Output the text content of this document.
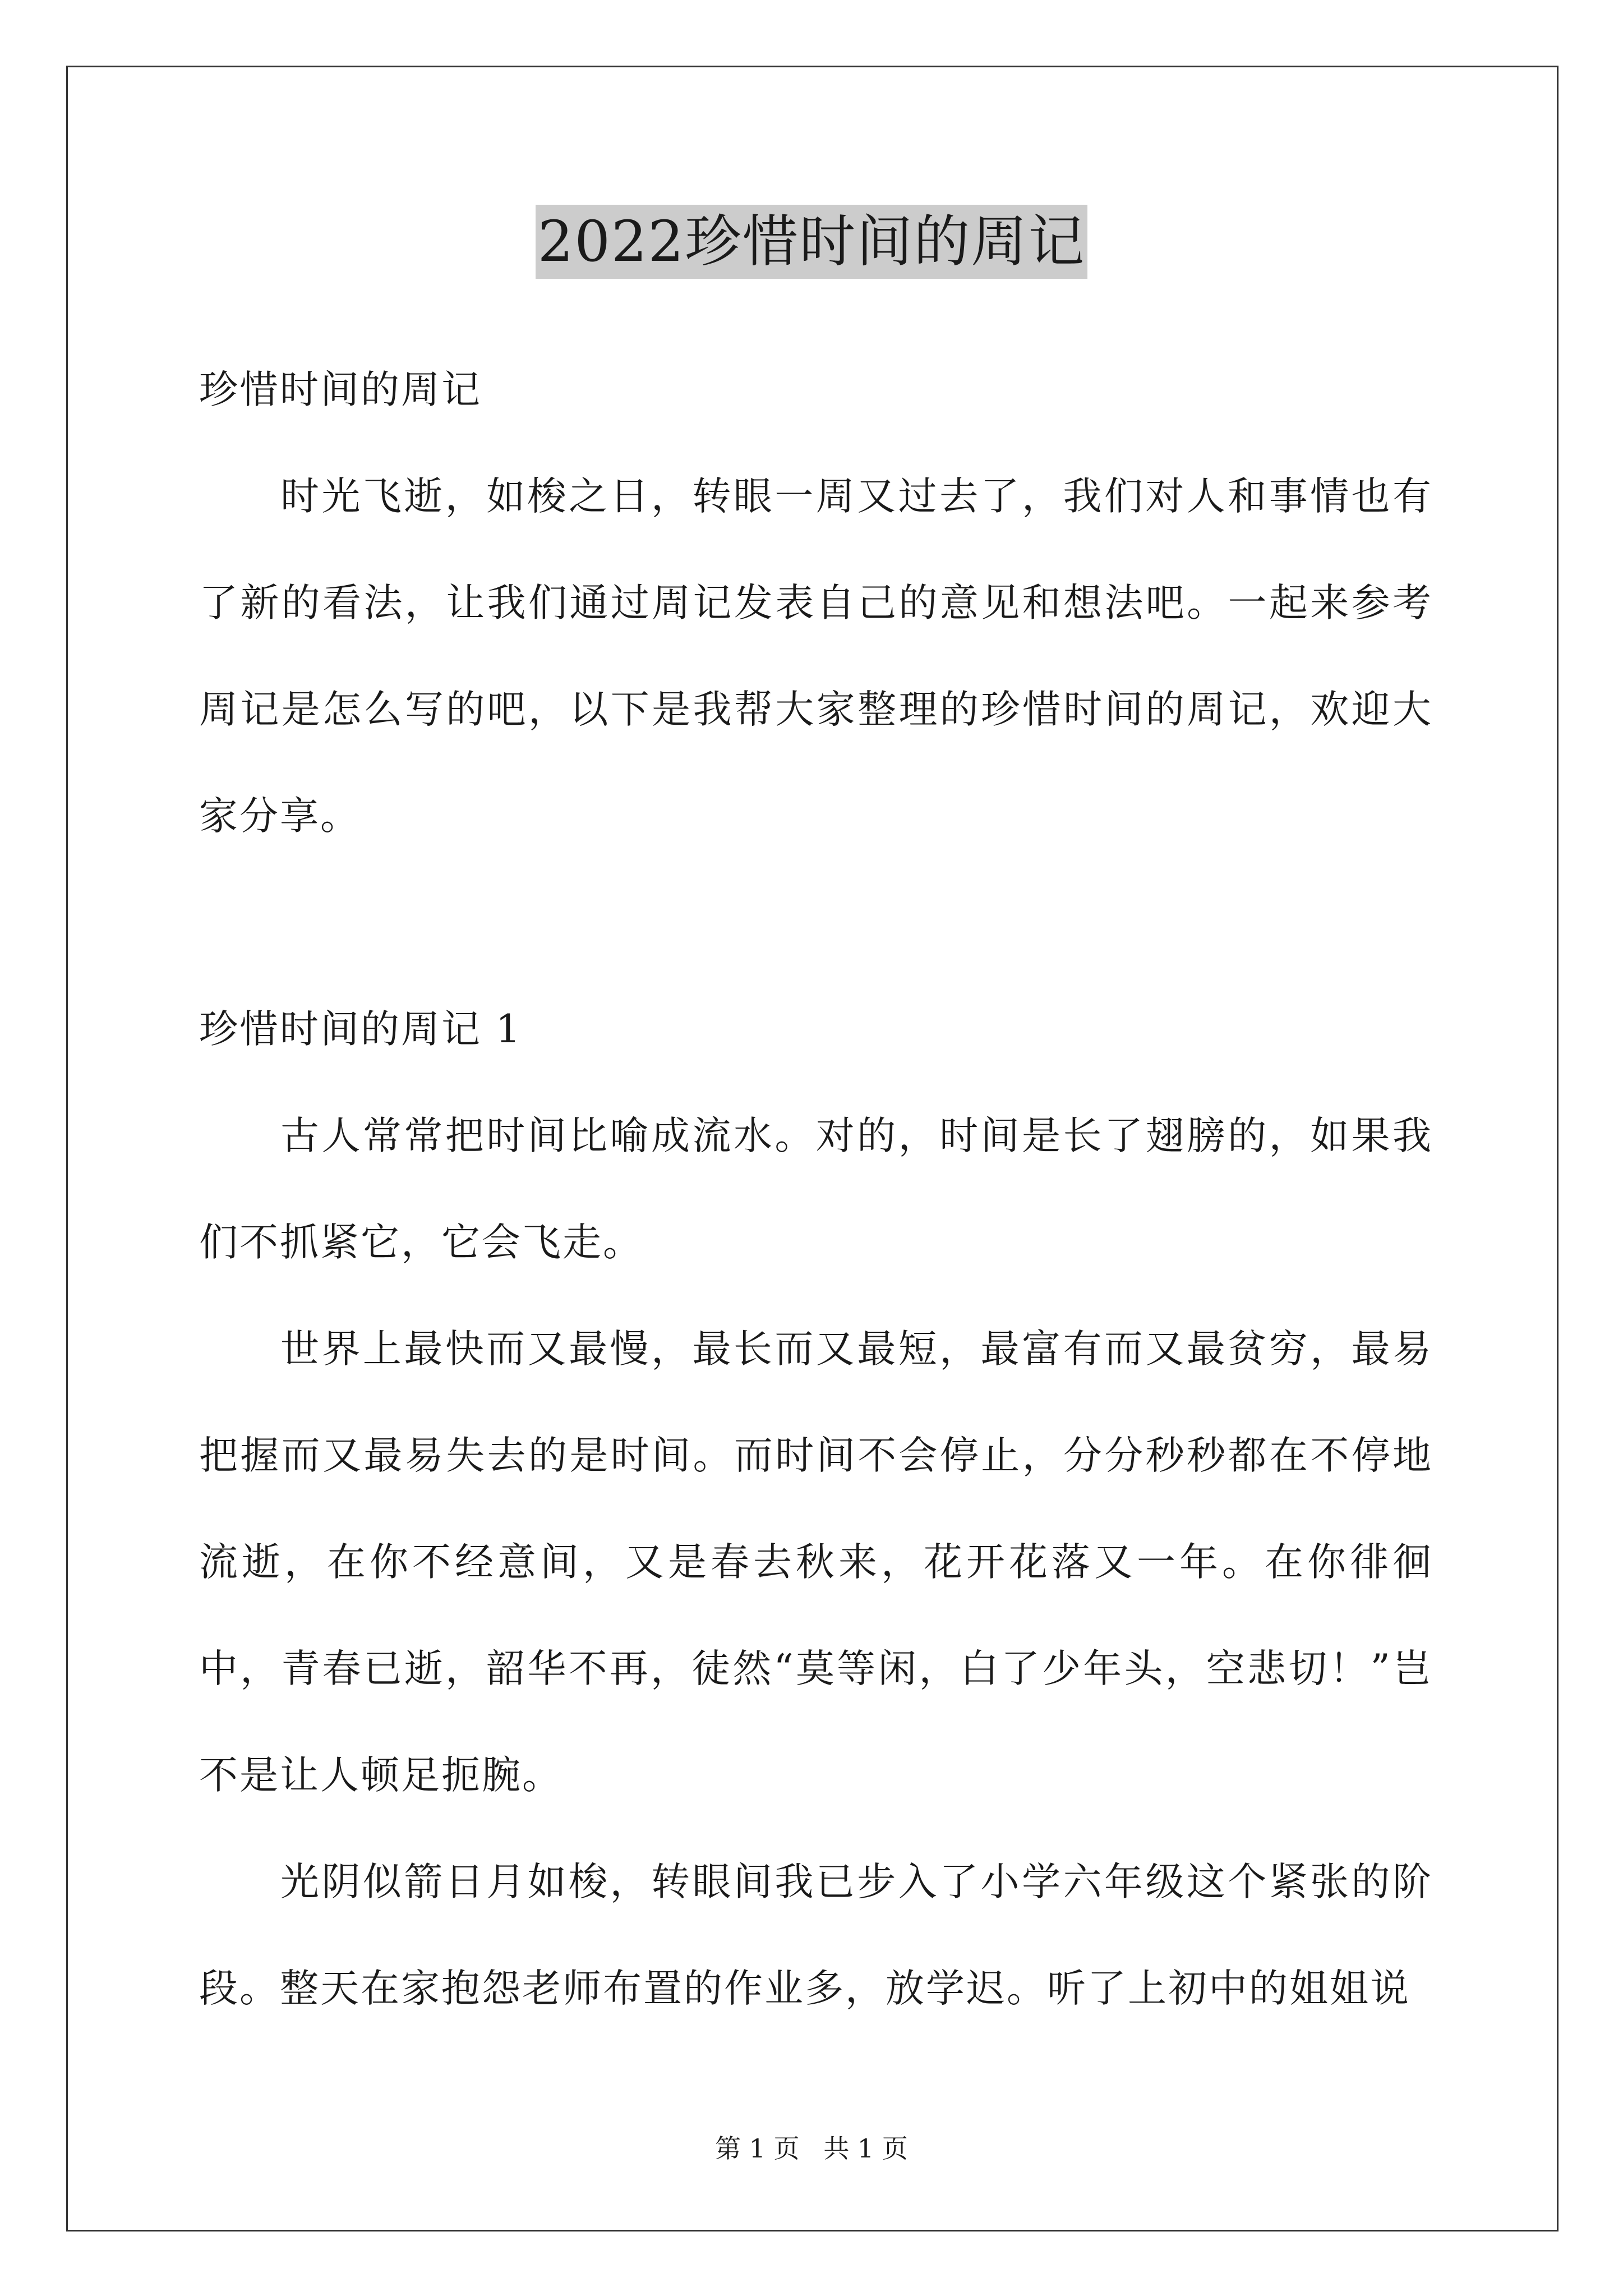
2022珍惜时间的周记

珍惜时间的周记

时光飞逝，如梭之日，转眼一周又过去了，我们对人和事情也有了新的看法，让我们通过周记发表自己的意见和想法吧。一起来参考周记是怎么写的吧，以下是我帮大家整理的珍惜时间的周记，欢迎大家分享。

珍惜时间的周记 1

古人常常把时间比喻成流水。对的，时间是长了翅膀的，如果我们不抓紧它，它会飞走。

世界上最快而又最慢，最长而又最短，最富有而又最贫穷，最易把握而又最易失去的是时间。而时间不会停止，分分秒秒都在不停地流逝，在你不经意间，又是春去秋来，花开花落又一年。在你徘徊中，青春已逝，韶华不再，徒然“莫等闲，白了少年头，空悲切！”岂不是让人顿足扼腕。

光阴似箭日月如梭，转眼间我已步入了小学六年级这个紧张的阶段。整天在家抱怨老师布置的作业多，放学迟。听了上初中的姐姐说

第 1 页 共 1 页
